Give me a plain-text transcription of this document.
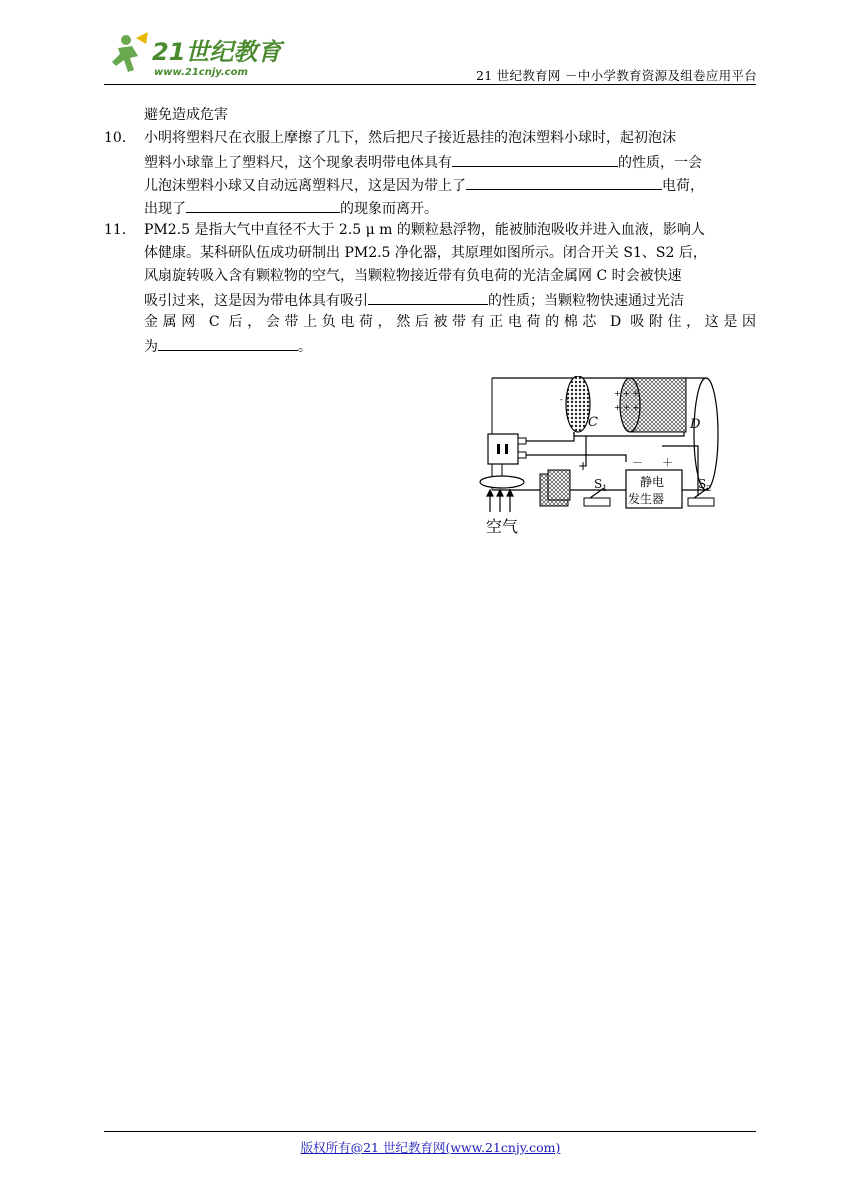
21世纪教育
www.21cnjy.com	21 世纪教育网 －中小学教育资源及组卷应用平台
避免造成危害
10． 小明将塑料尺在衣服上摩擦了几下，然后把尺子接近悬挂的泡沫塑料小球时，起初泡沫
塑料小球靠上了塑料尺，这个现象表明带电体具有	的性质，一会
儿泡沫塑料小球又自动远离塑料尺，这是因为带上了	电荷，
出现了	的现象而离开。
11． PM2.5 是指大气中直径不大于 2.5 μ m 的颗粒悬浮物，能被肺泡吸收并进入血液，影响人
体健康。某科研队伍成功研制出 PM2.5 净化器，其原理如图所示。闭合开关 S1、S2 后，
风扇旋转吸入含有颗粒物的空气，当颗粒物接近带有负电荷的光洁金属网 C 时会被快速
吸引过来，这是因为带电体具有吸引	的性质；当颗粒物快速通过光洁
金属网 C 后，会带上负电荷，然后被带有正电荷的棉芯 D 吸附住，这是因
为	。
- - -
C
+ + +
+ + +
D
+
$S_1$	静电
发生器
－ ＋
$S_2$
空气
版权所有@21 世纪教育网(www.21cnjy.com)
